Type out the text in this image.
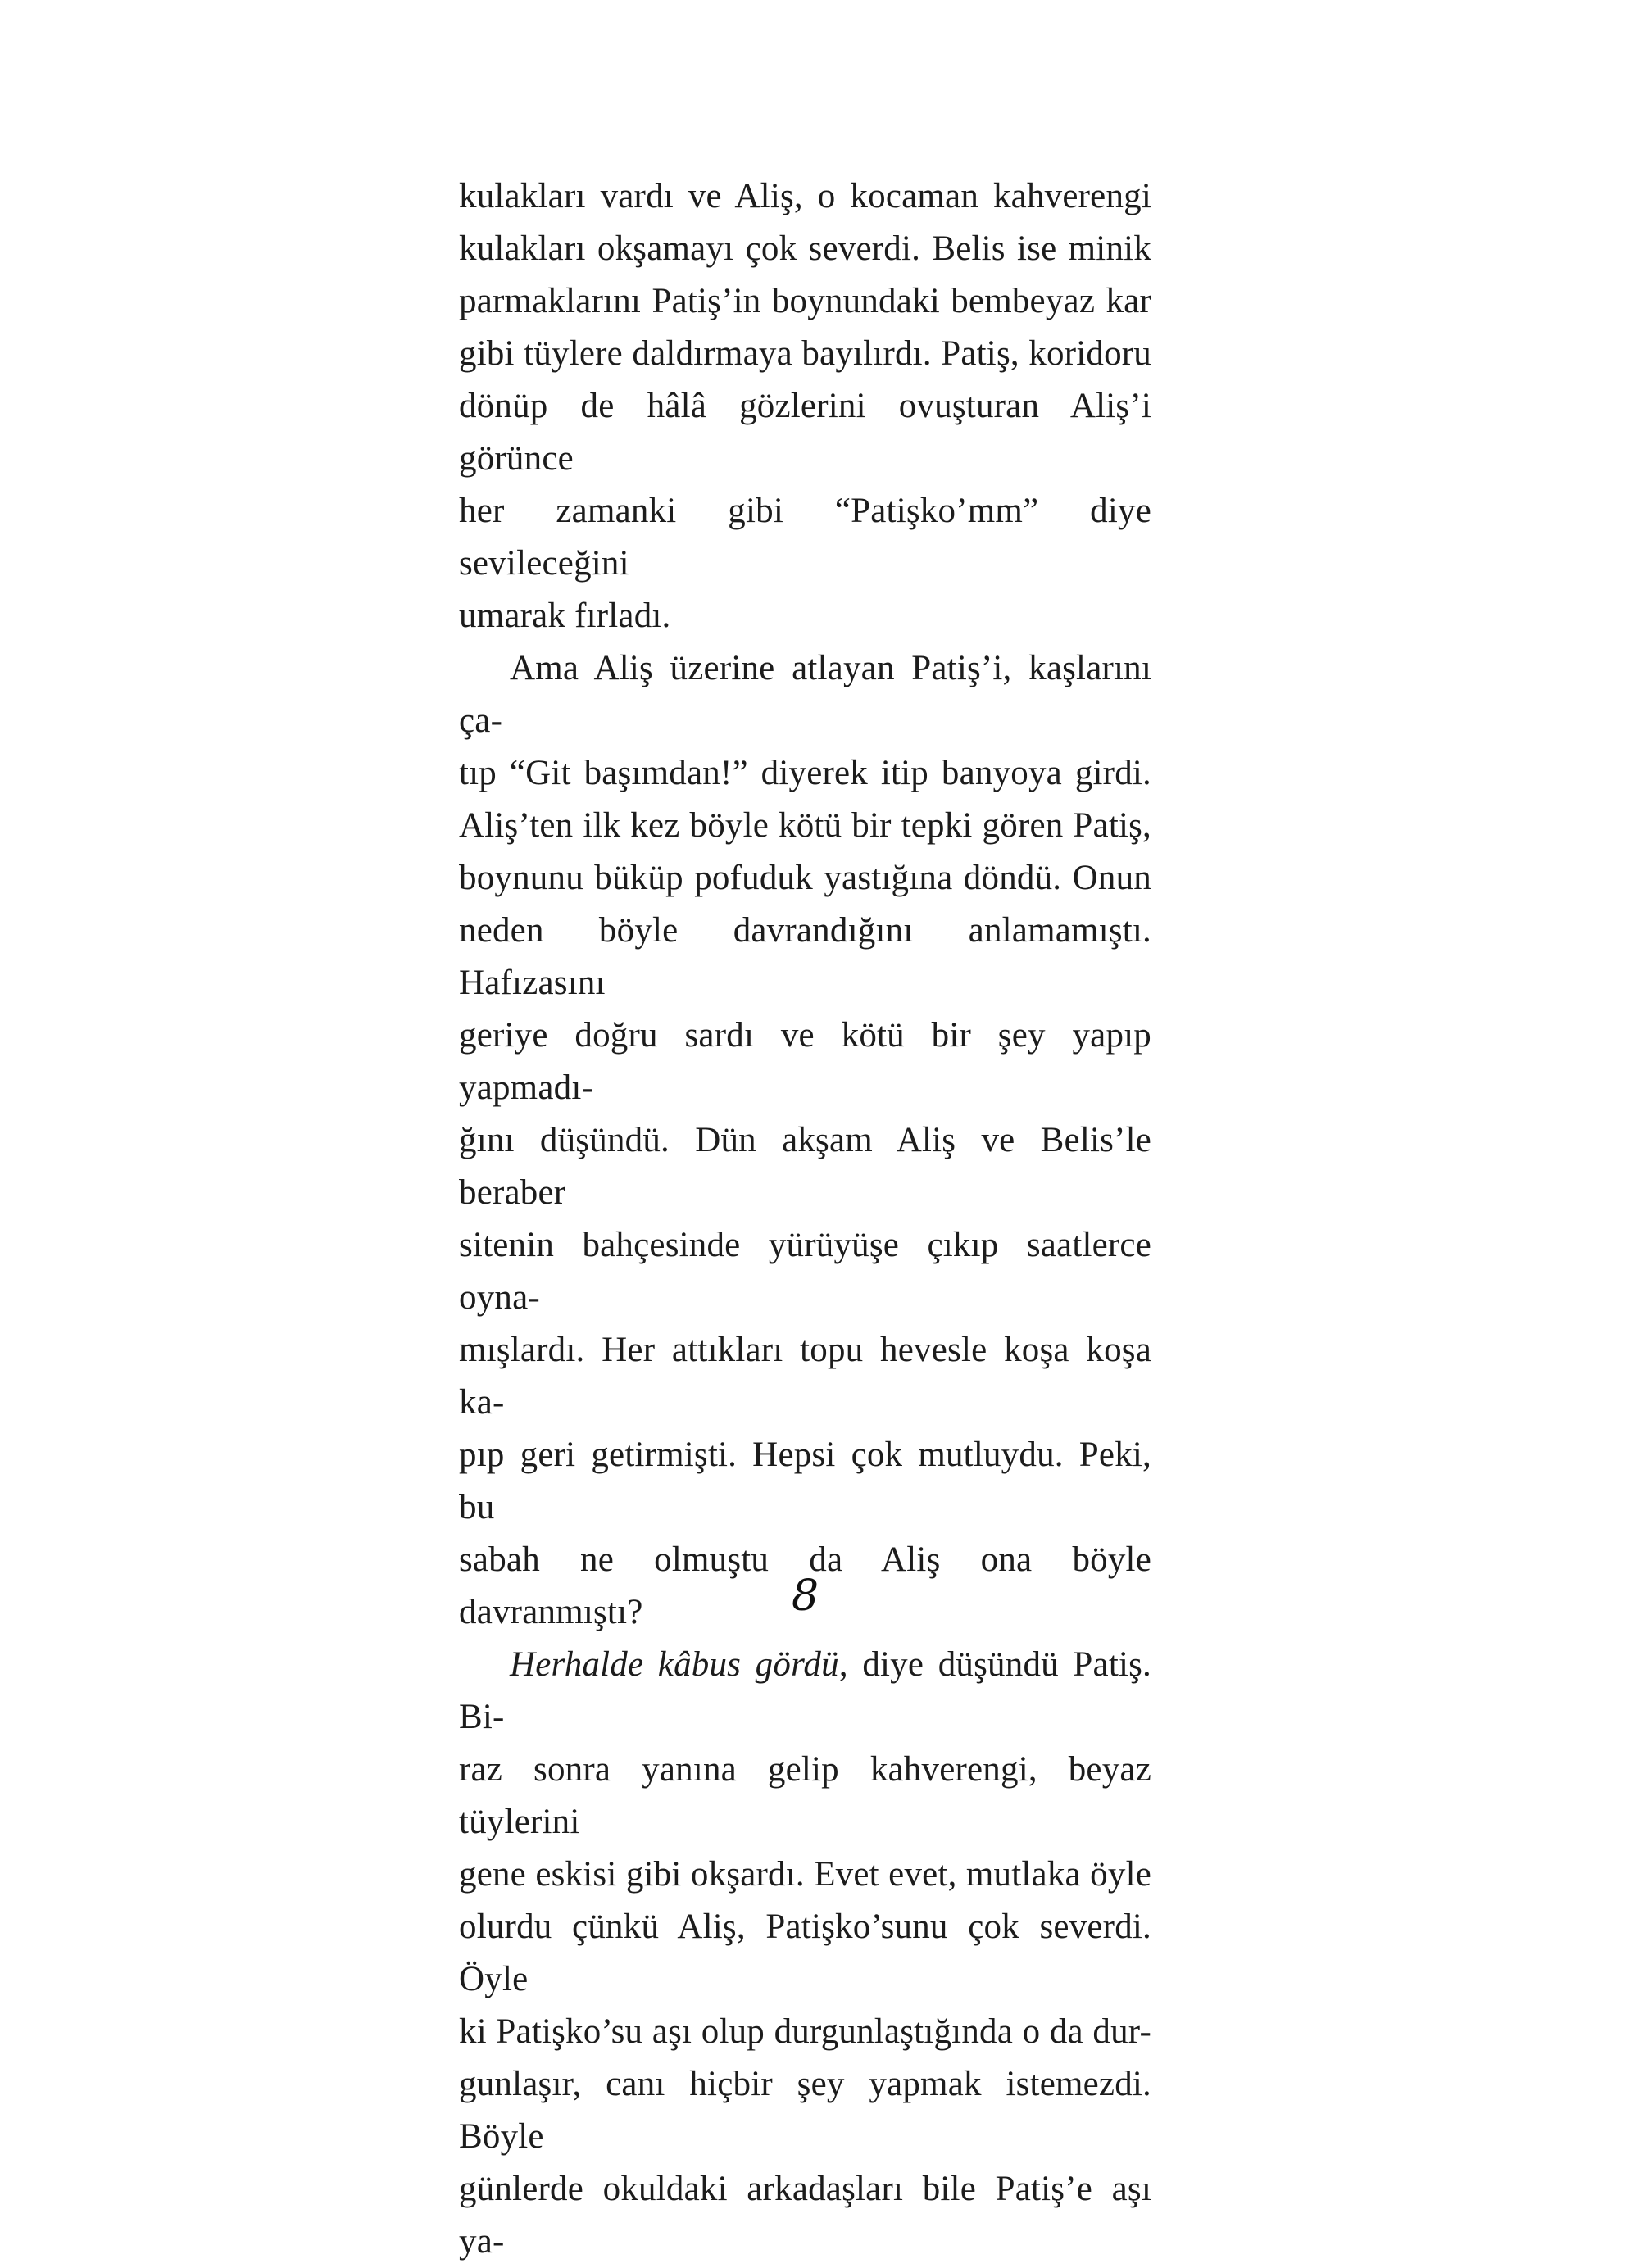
kulakları vardı ve Aliş, o kocaman kahverengi
kulakları okşamayı çok severdi. Belis ise minik
parmaklarını Patiş’in boynundaki bembeyaz kar
gibi tüylere daldırmaya bayılırdı. Patiş, koridoru
dönüp de hâlâ gözlerini ovuşturan Aliş’i görünce
her zamanki gibi “Patişko’mm” diye sevileceğini
umarak fırladı.
Ama Aliş üzerine atlayan Patiş’i, kaşlarını ça-
tıp “Git başımdan!” diyerek itip banyoya girdi.
Aliş’ten ilk kez böyle kötü bir tepki gören Patiş,
boynunu büküp pofuduk yastığına döndü. Onun
neden böyle davrandığını anlamamıştı. Hafızasını
geriye doğru sardı ve kötü bir şey yapıp yapmadı-
ğını düşündü. Dün akşam Aliş ve Belis’le beraber
sitenin bahçesinde yürüyüşe çıkıp saatlerce oyna-
mışlardı. Her attıkları topu hevesle koşa koşa ka-
pıp geri getirmişti. Hepsi çok mutluydu. Peki, bu
sabah ne olmuştu da Aliş ona böyle davranmıştı?
Herhalde kâbus gördü, diye düşündü Patiş. Bi-
raz sonra yanına gelip kahverengi, beyaz tüylerini
gene eskisi gibi okşardı. Evet evet, mutlaka öyle
olurdu çünkü Aliş, Patişko’sunu çok severdi. Öyle
ki Patişko’su aşı olup durgunlaştığında o da dur-
gunlaşır, canı hiçbir şey yapmak istemezdi. Böyle
günlerde okuldaki arkadaşları bile Patiş’e aşı ya-
8
